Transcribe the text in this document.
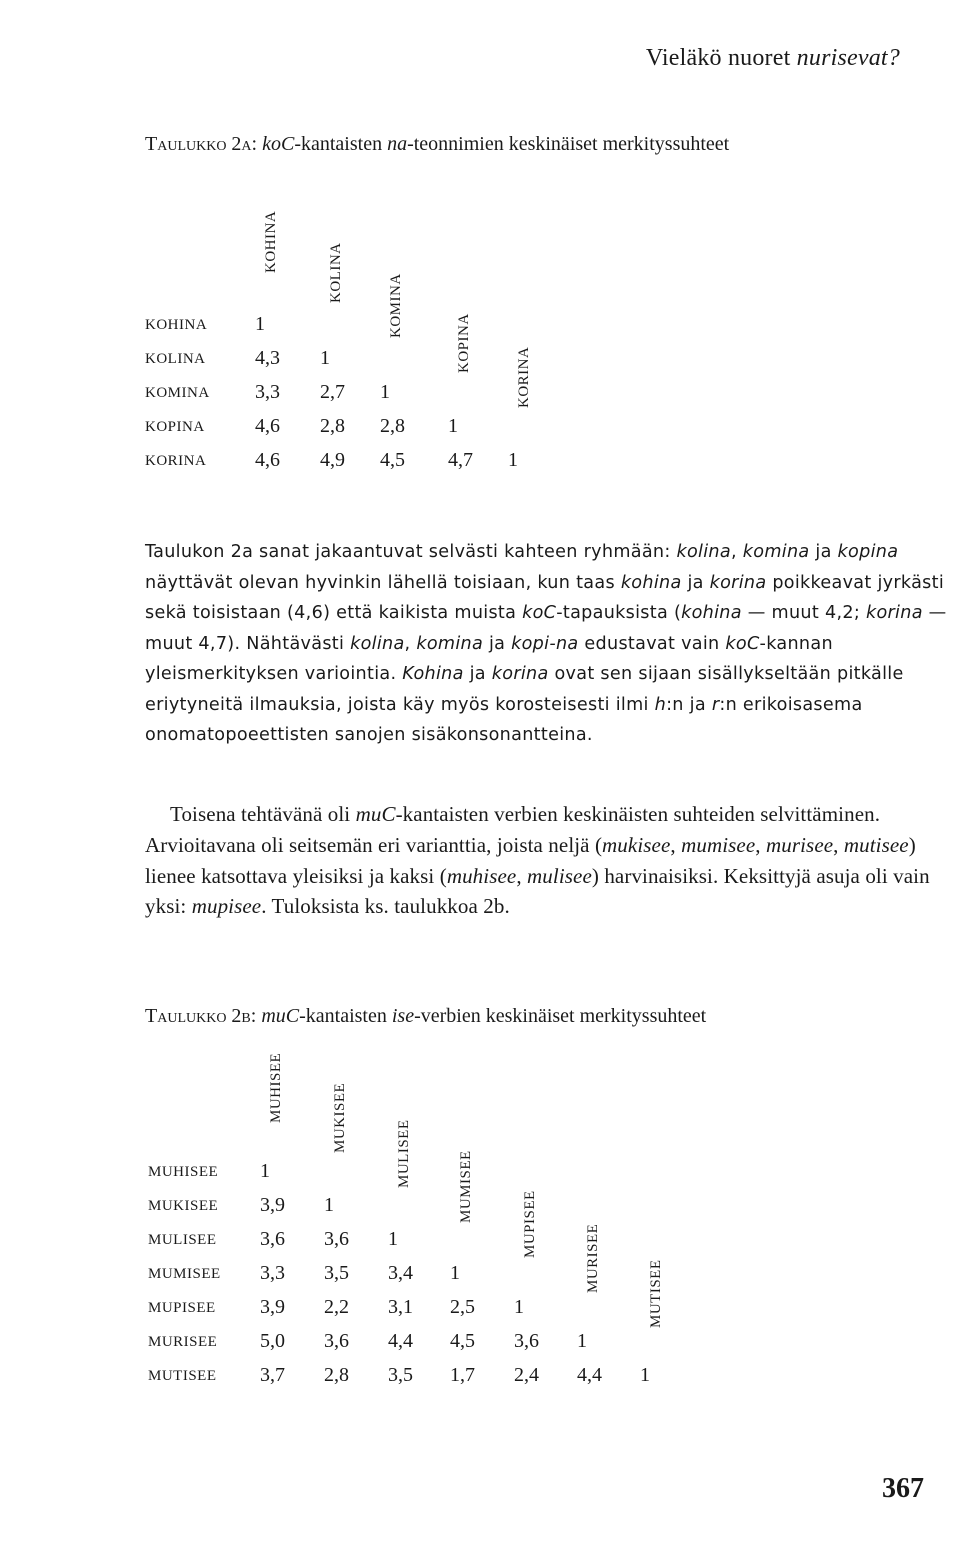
Vieläkö nuoret nurisevat?
Taulukko 2a: koC-kantaisten na-teonnimien keskinäiset merkityssuhteet
KOHINA	KOLINA
KOMINA
KOPINA
KORINA
KOHINA 1
KOLINA 4,3 1
KOMINA 3,3 2,7 1
KOPINA	4,6 2,8 2,8 1
KORINA 4,6 4,9 4,5 4,7 1

Taulukon 2a sanat jakaantuvat selvästi kahteen ryhmään: kolina, komina ja kopina näyttävät olevan hyvinkin lähellä toisiaan, kun taas kohina ja korina poikkeavat jyrkästi sekä toisistaan (4,6) että kaikista muista koC-tapauksista (kohina — muut 4,2; korina — muut 4,7). Nähtävästi kolina, komina ja kopi-na edustavat vain koC-kannan yleismerkityksen variointia. Kohina ja korina ovat sen sijaan sisällykseltään pitkälle eriytyneitä ilmauksia, joista käy myös korosteisesti ilmi h:n ja r:n erikoisasema onomatopoeettisten sanojen sisäkonsonantteina.

Toisena tehtävänä oli muC-kantaisten verbien keskinäisten suhteiden selvittäminen. Arvioitavana oli seitsemän eri varianttia, joista neljä (mukisee, mumisee, murisee, mutisee) lienee katsottava yleisiksi ja kaksi (muhisee, mulisee) harvinaisiksi. Keksittyjä asuja oli vain yksi: mupisee. Tuloksista ks. taulukkoa 2b.

Taulukko 2b: muC-kantaisten ise-verbien keskinäiset merkityssuhteet
MUHISEE	MUKISEE
MULISEE	MUMISEE
MUPISEE	MURISEE
MUTISEE
MUHISEE 1
MUKISEE 3,9 1
MULISEE 3,6 3,6 1
MUMISEE 3,3 3,5 3,4 1
MUPISEE 3,9 2,2 3,1 2,5 1
MURISEE 5,0 3,6 4,4 4,5 3,6 1
MUTISEE 3,7 2,8 3,5 1,7 2,4 4,4 1
367
